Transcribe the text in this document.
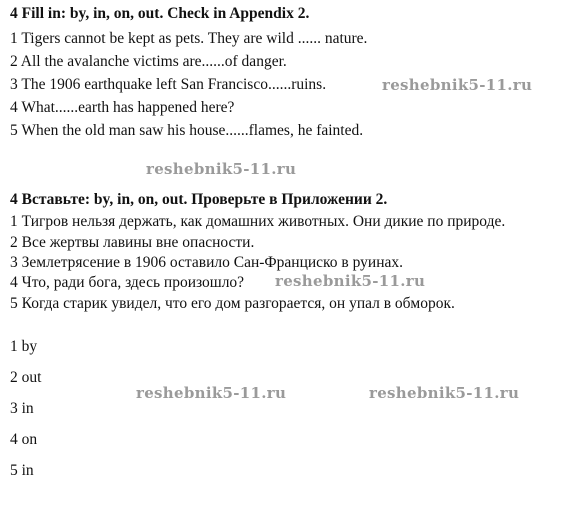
4 Fill in: by, in, on, out. Check in Appendix 2.
1 Tigers cannot be kept as pets. They are wild ...... nature.
2 All the avalanche victims are......of danger.
3 The 1906 earthquake left San Francisco......ruins.
4 What......earth has happened here?
5 When the old man saw his house......flames, he fainted.
4 Вставьте: by, in, on, out. Проверьте в Приложении 2.
1 Тигров нельзя держать, как домашних животных. Они дикие по природе.
2 Все жертвы лавины вне опасности.
3 Землетрясение в 1906 оставило Сан-Франциско в руинах.
4 Что, ради бога, здесь произошло?
5 Когда старик увидел, что его дом разгорается, он упал в обморок.
1 by
2 out
3 in
4 on
5 in
reshebnik5-11.ru
reshebnik5-11.ru
reshebnik5-11.ru
reshebnik5-11.ru	reshebnik5-11.ru
